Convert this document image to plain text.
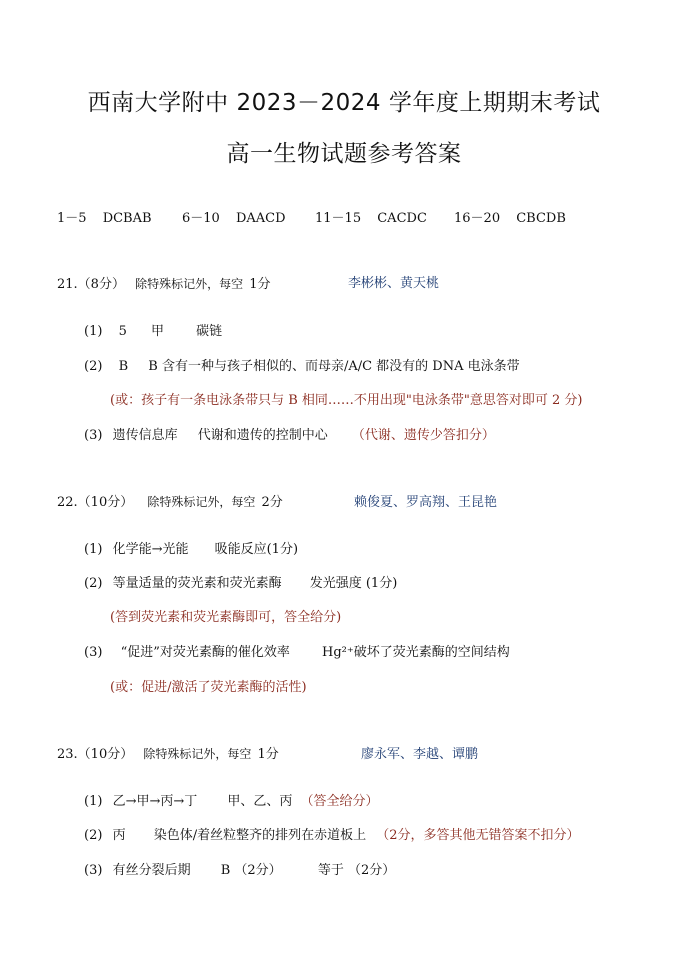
西南大学附中 2023－2024 学年度上期期末考试
高一生物试题参考答案
1－5 DCBAB 6－10 DAACD 11－15 CACDC 16－20 CBCDB
21.（8分） 除特殊标记外，每空 1分	李彬彬、黄天桃
(1) 5 甲 碳链
(2) B B 含有一种与孩子相似的、而母亲/A/C 都没有的 DNA 电泳条带
(或：孩子有一条电泳条带只与 B 相同……不用出现"电泳条带"意思答对即可 2 分)
(3) 遗传信息库 代谢和遗传的控制中心 （代谢、遗传少答扣分）
22.（10分） 除特殊标记外，每空 2分	赖俊夏、罗高翔、王昆艳
(1) 化学能→光能 吸能反应(1分)
(2) 等量适量的荧光素和荧光素酶 发光强度 (1分)
(答到荧光素和荧光素酶即可，答全给分)
(3) “促进”对荧光素酶的催化效率 Hg²⁺破坏了荧光素酶的空间结构
(或：促进/激活了荧光素酶的活性)
23.（10分） 除特殊标记外，每空 1分	廖永军、李越、谭鹏
(1) 乙→甲→丙→丁 甲、乙、丙 （答全给分）
(2) 丙 染色体/着丝粒整齐的排列在赤道板上 （2分，多答其他无错答案不扣分）
(3) 有丝分裂后期 B （2分）	等于 （2分）
